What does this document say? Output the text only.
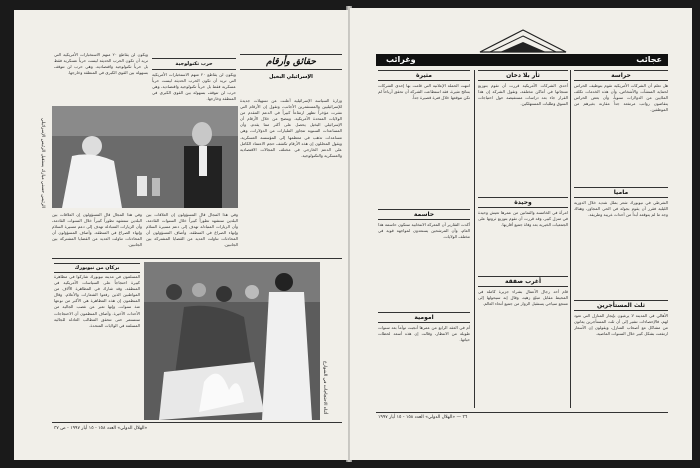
حرب تكنولوجية
ويكون لن يقاطع ٢٠ منهم الاستخبارات الأمريكية التي تريد أن تكون الحرب الحديثة ليست حرباً عسكرية فقط بل حرباً تكنولوجية واقتصادية، وهي حرب لن تتوقف بسهولة بين القوى الكبرى في المنطقة وخارجها.
ويكون لن يقاطع ٢٠ منهم الاستخبارات الأمريكية التي تريد أن تكون الحرب الحديثة ليست حرباً عسكرية فقط بل حرباً تكنولوجية واقتصادية، وهي حرب لن تتوقف بسهولة بين القوى الكبرى في المنطقة وخارجها.
حقائق وأرقام
الإسرائيلي البخيل
وزارة السياسة الإسرائيلية أعلنت عن تسهيلات جديدة للإسرائيليين والمستثمرين الأجانب، وتقول إن الأرقام التي نشرت مؤخراً تظهر ارتفاعاً كبيراً في الدعم المقدم من الولايات المتحدة الأمريكية. ويتضح من خلال الأرقام أن الإسرائيلي البخيل يحصل على أكثر مما يقدم، وأن المساعدات السنوية تتجاوز المليارات من الدولارات، وهي مساعدات تذهب في معظمها إلى المؤسسة العسكرية. ويقول المحللون إن هذه الأرقام تكشف حجم الاعتماد الكامل على الدعم الخارجي في مختلف المجالات الاقتصادية والعسكرية والتكنولوجية.
الرئيس حسني مبارك يستقبل الرئيس الإسرائيلي
وفي هذا المجال قال المسؤولون إن العلاقات بين البلدين ستشهد تطوراً كبيراً خلال السنوات القادمة، وأن الزيارات المتبادلة تهدف إلى دعم مسيرة السلام وإنهاء الصراع في المنطقة. وأضاف المسؤولون أن المحادثات تناولت العديد من القضايا المشتركة بين الجانبين.
وفي هذا المجال قال المسؤولون إن العلاقات بين البلدين ستشهد تطوراً كبيراً خلال السنوات القادمة، وأن الزيارات المتبادلة تهدف إلى دعم مسيرة السلام وإنهاء الصراع في المنطقة. وأضاف المسؤولون أن المحادثات تناولت العديد من القضايا المشتركة بين الجانبين.
بركان من نيويورك
المسلمون في مدينة نيويورك شاركوا في مظاهرة كبيرة احتجاجاً على السياسات الأمريكية في المنطقة، وقد شارك في المظاهرة الآلاف من المواطنين الذين رفعوا الشعارات والأعلام. وقال المنظمون إن هذه المظاهرة هي الأكبر من نوعها منذ سنوات، وإنها تعبر عن غضب الجالية من الأحداث الأخيرة. وأضاف المنظمون أن الاحتجاجات ستستمر حتى تتحقق المطالب العادلة للجالية المسلمة في الولايات المتحدة.
أثناء الاحتجاجات في الشوارع
«الهلال الدولي» العدد ١٥٨ - ١٥ أيار ١٩٩٧ - ص ٣٧
عجائب
وغرائب
حراسة
هل تعلم أن الشركات الأمريكية تقوم بتوظيف الحراس لحماية المنشآت والأشخاص، وأن هذه الخدمات تكلف الملايين من الدولارات سنوياً، وأن بعض الحراس يتقاضون رواتب مرتفعة جداً مقارنة بغيرهم من الموظفين.
ماميا
الشرطي في نيويورك شعر بملل شديد خلال الدورية الليلية فقرر أن يقوم بجولة في الحي المجاور، وهناك وجد ما لم يتوقعه أبداً من أحداث غريبة وطريفة.
ثلث المستأجرين
الأهالي في المدينة لا يرغبون بإيجار المنازل التي تعود لهم، فالإحصاءات تشير إلى أن ثلث المستأجرين يعانون من مشاكل مع أصحاب المنازل، ويقولون إن الأسعار ارتفعت بشكل كبير خلال السنوات الماضية.
ثأر بلا دخان
أحدى الشركات الأمريكية قررت أن تقوم بتوزيع منتجاتها في أماكن مختلفة، وتقول الشركة إن هذا القرار جاء بعد دراسات مستفيضة حول احتياجات السوق وطلبات المستهلكين.
وحيدة
امرأة في الخامسة والثمانين من عمرها تعيش وحيدة في منزل كبير، وقد قررت أن تقوم بتوزيع ثروتها على الجمعيات الخيرية بعد وفاة جميع أقاربها.
أغرب صفقة
قام أحد رجال الأعمال بشراء جزيرة كاملة في المحيط مقابل مبلغ زهيد، وقال إنه سيحولها إلى منتجع سياحي يستقبل الزوار من جميع أنحاء العالم.
مثيرة
انتهت الحملة الإعلانية التي قامت بها إحدى الشركات بنتائج مثيرة، فقد استطاعت الشركة أن تحقق أرباحاً لم تكن تتوقعها خلال فترة قصيرة جداً.
حاسمة
أكدت التقارير أن المعركة الانتخابية ستكون حاسمة هذا العام، وأن المرشحين يستعدون لمواجهة قوية في مختلف الولايات.
امومية
أم في العقد الرابع من عمرها أنجبت توأماً بعد سنوات طويلة من الانتظار، وقالت إن هذه أسعد لحظات حياتها.
٣٦ — «الهلال الدولي» العدد ١٥٨ - ١٥ أيار ١٩٩٧
